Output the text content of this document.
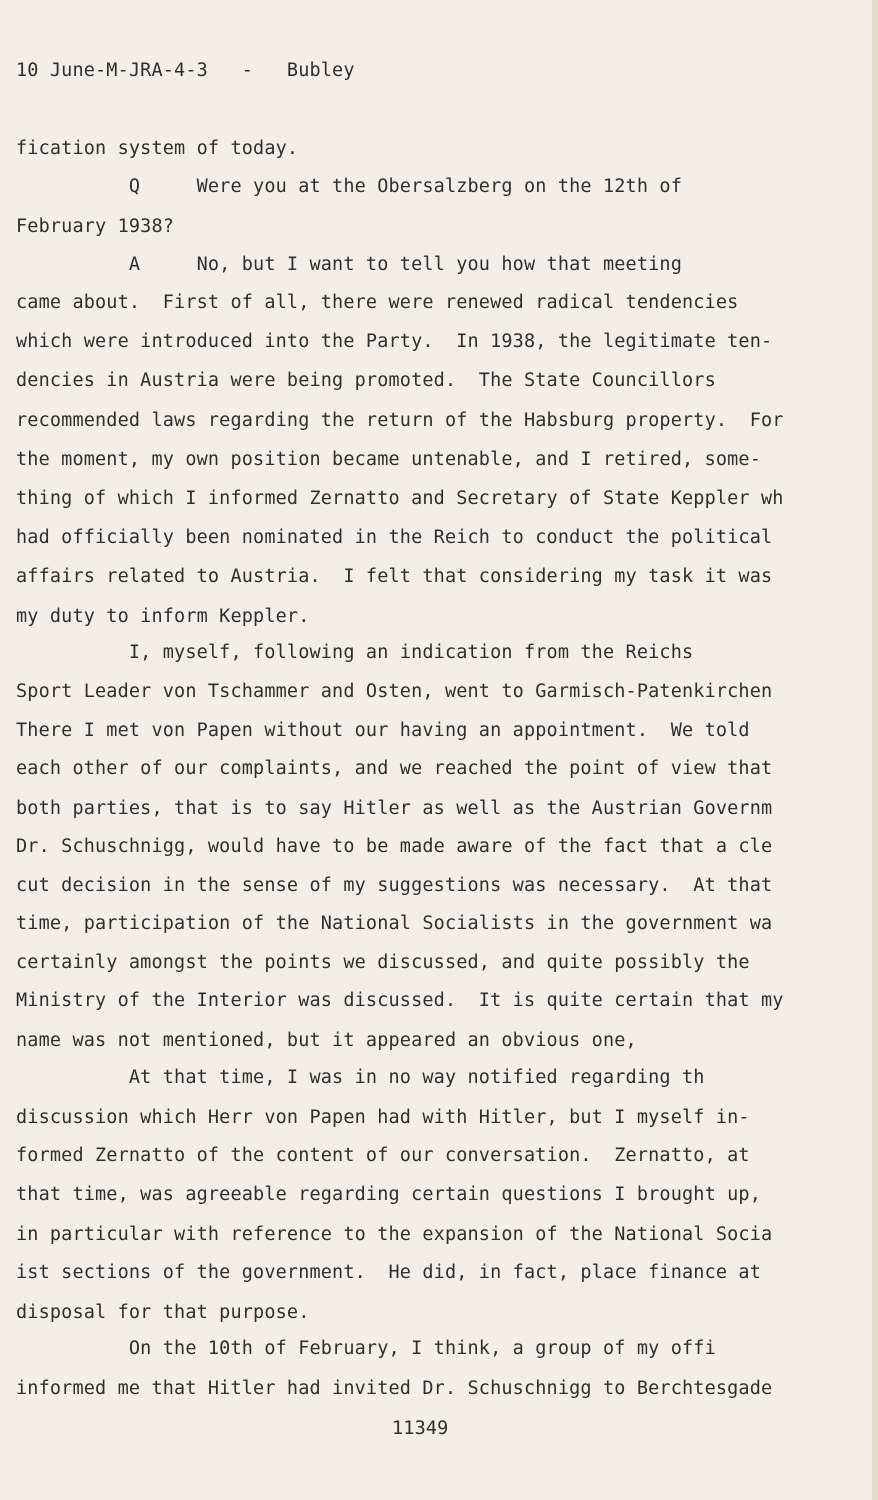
10 June-M-JRA-4-3   -   Bubley
fication system of today.
Q     Were you at the Obersalzberg on the 12th of
February 1938?
A     No, but I want to tell you how that meeting
came about.  First of all, there were renewed radical tendencies
which were introduced into the Party.  In 1938, the legitimate ten-
dencies in Austria were being promoted.  The State Councillors
recommended laws regarding the return of the Habsburg property.  For
the moment, my own position became untenable, and I retired, some-
thing of which I informed Zernatto and Secretary of State Keppler wh
had officially been nominated in the Reich to conduct the political
affairs related to Austria.  I felt that considering my task it was
my duty to inform Keppler.
I, myself, following an indication from the Reichs
Sport Leader von Tschammer and Osten, went to Garmisch-Patenkirchen
There I met von Papen without our having an appointment.  We told
each other of our complaints, and we reached the point of view that
both parties, that is to say Hitler as well as the Austrian Governm
Dr. Schuschnigg, would have to be made aware of the fact that a cle
cut decision in the sense of my suggestions was necessary.  At that
time, participation of the National Socialists in the government wa
certainly amongst the points we discussed, and quite possibly the
Ministry of the Interior was discussed.  It is quite certain that my
name was not mentioned, but it appeared an obvious one,
At that time, I was in no way notified regarding th
discussion which Herr von Papen had with Hitler, but I myself in-
formed Zernatto of the content of our conversation.  Zernatto, at
that time, was agreeable regarding certain questions I brought up,
in particular with reference to the expansion of the National Socia
ist sections of the government.  He did, in fact, place finance at
disposal for that purpose.
On the 10th of February, I think, a group of my offi
informed me that Hitler had invited Dr. Schuschnigg to Berchtesgade
11349
